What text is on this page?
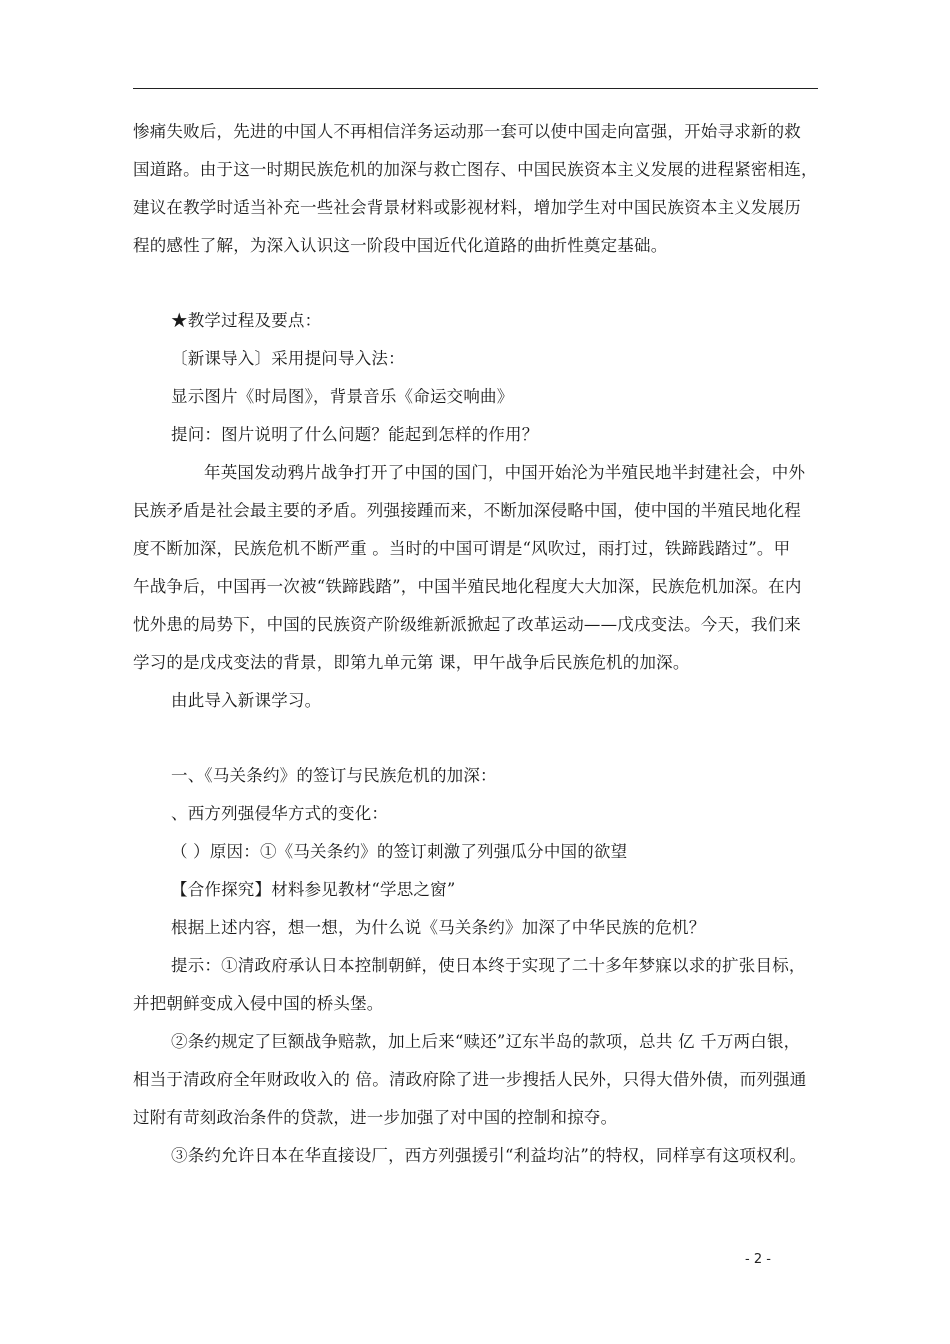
惨痛失败后，先进的中国人不再相信洋务运动那一套可以使中国走向富强，开始寻求新的救

国道路。由于这一时期民族危机的加深与救亡图存、中国民族资本主义发展的进程紧密相连，

建议在教学时适当补充一些社会背景材料或影视材料，增加学生对中国民族资本主义发展历

程的感性了解，为深入认识这一阶段中国近代化道路的曲折性奠定基础。

★教学过程及要点：

〔新课导入〕采用提问导入法：

显示图片《时局图》，背景音乐《命运交响曲》

提问：图片说明了什么问题？能起到怎样的作用？

年英国发动鸦片战争打开了中国的国门，中国开始沦为半殖民地半封建社会，中外

民族矛盾是社会最主要的矛盾。列强接踵而来，不断加深侵略中国，使中国的半殖民地化程

度不断加深，民族危机不断严重 。当时的中国可谓是“风吹过，雨打过，铁蹄践踏过”。甲

午战争后，中国再一次被“铁蹄践踏”，中国半殖民地化程度大大加深，民族危机加深。在内

忧外患的局势下，中国的民族资产阶级维新派掀起了改革运动——戊戌变法。今天，我们来

学习的是戊戌变法的背景，即第九单元第 课，甲午战争后民族危机的加深。

由此导入新课学习。

一、《马关条约》的签订与民族危机的加深：

、西方列强侵华方式的变化：

（ ）原因：①《马关条约》的签订刺激了列强瓜分中国的欲望

【合作探究】材料参见教材“学思之窗”

根据上述内容，想一想，为什么说《马关条约》加深了中华民族的危机？

提示：①清政府承认日本控制朝鲜，使日本终于实现了二十多年梦寐以求的扩张目标，

并把朝鲜变成入侵中国的桥头堡。

②条约规定了巨额战争赔款，加上后来“赎还”辽东半岛的款项，总共 亿 千万两白银，

相当于清政府全年财政收入的 倍。清政府除了进一步搜括人民外，只得大借外债，而列强通

过附有苛刻政治条件的贷款，进一步加强了对中国的控制和掠夺。

③条约允许日本在华直接设厂，西方列强援引“利益均沾”的特权，同样享有这项权利。

- 2 -
